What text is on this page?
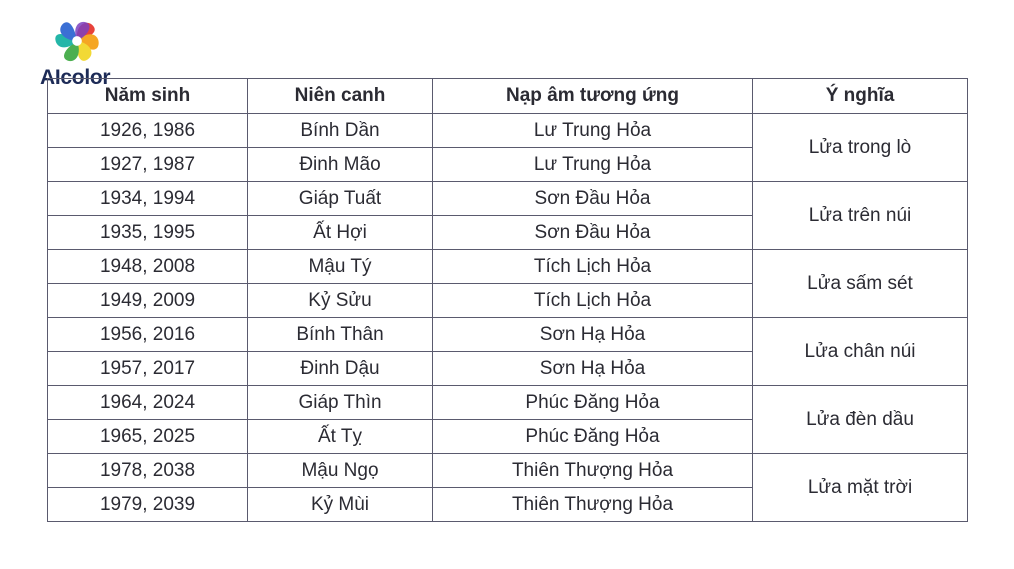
AIcolor
Năm sinh	Niên canh	Nạp âm tương ứng	Ý nghĩa
1926, 1986	Bính Dần	Lư Trung Hỏa	Lửa trong lò
1927, 1987	Đinh Mão	Lư Trung Hỏa	
1934, 1994	Giáp Tuất	Sơn Đầu Hỏa	Lửa trên núi
1935, 1995	Ất Hợi	Sơn Đầu Hỏa	
1948, 2008	Mậu Tý	Tích Lịch Hỏa	Lửa sấm sét
1949, 2009	Kỷ Sửu	Tích Lịch Hỏa	
1956, 2016	Bính Thân	Sơn Hạ Hỏa	Lửa chân núi
1957, 2017	Đinh Dậu	Sơn Hạ Hỏa	
1964, 2024	Giáp Thìn	Phúc Đăng Hỏa	Lửa đèn dầu
1965, 2025	Ất Tỵ	Phúc Đăng Hỏa	
1978, 2038	Mậu Ngọ	Thiên Thượng Hỏa	Lửa mặt trời
1979, 2039	Kỷ Mùi	Thiên Thượng Hỏa	
